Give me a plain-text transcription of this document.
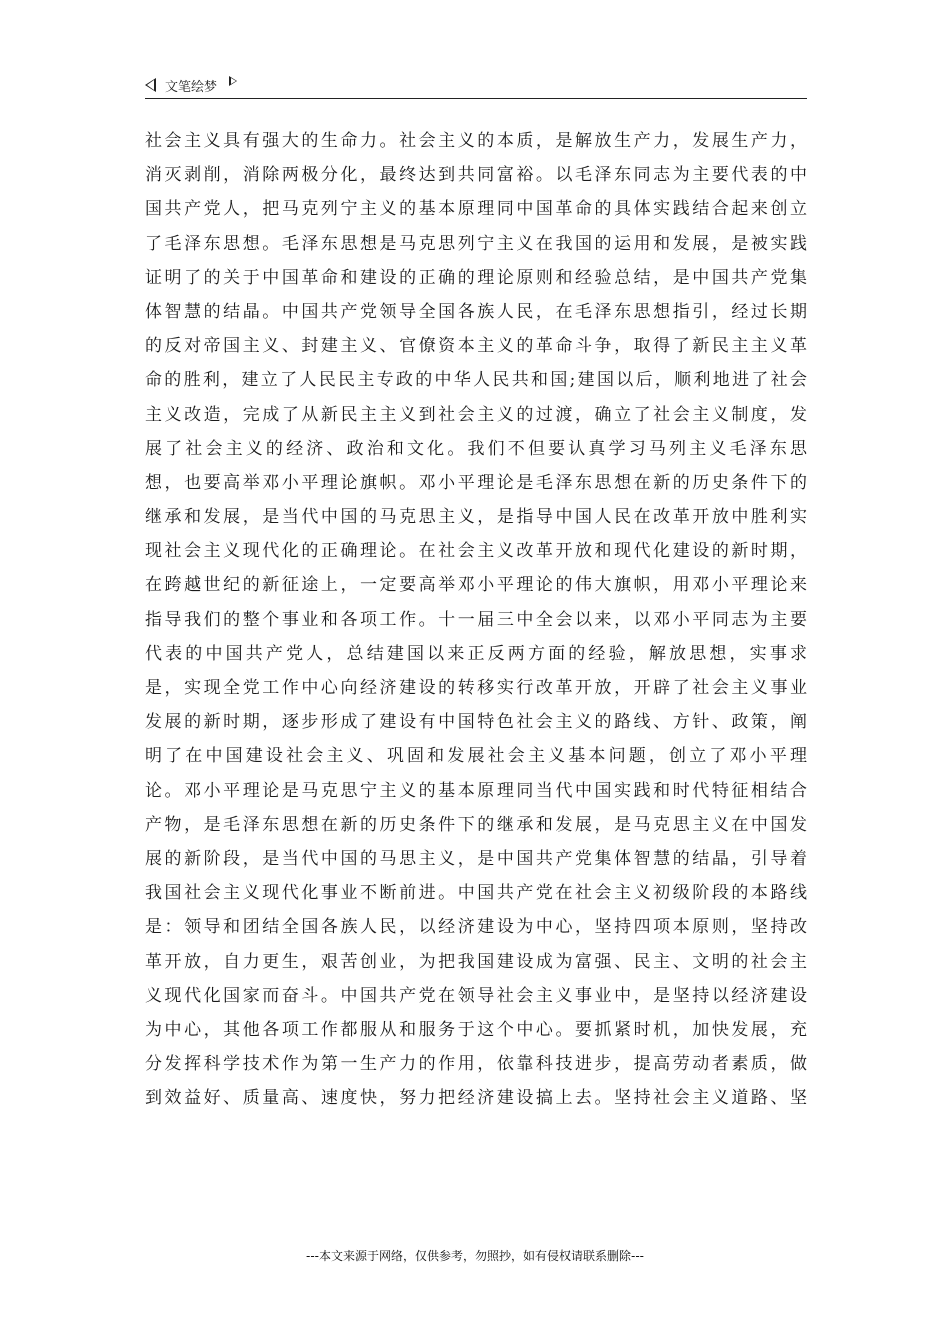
文笔绘梦
社会主义具有强大的生命力。社会主义的本质，是解放生产力，发展生产力，
消灭剥削，消除两极分化，最终达到共同富裕。以毛泽东同志为主要代表的中
国共产党人，把马克列宁主义的基本原理同中国革命的具体实践结合起来创立
了毛泽东思想。毛泽东思想是马克思列宁主义在我国的运用和发展，是被实践
证明了的关于中国革命和建设的正确的理论原则和经验总结，是中国共产党集
体智慧的结晶。中国共产党领导全国各族人民，在毛泽东思想指引，经过长期
的反对帝国主义、封建主义、官僚资本主义的革命斗争，取得了新民主主义革
命的胜利，建立了人民民主专政的中华人民共和国;建国以后，顺利地进了社会
主义改造，完成了从新民主主义到社会主义的过渡，确立了社会主义制度，发
展了社会主义的经济、政治和文化。我们不但要认真学习马列主义毛泽东思
想，也要高举邓小平理论旗帜。邓小平理论是毛泽东思想在新的历史条件下的
继承和发展，是当代中国的马克思主义，是指导中国人民在改革开放中胜利实
现社会主义现代化的正确理论。在社会主义改革开放和现代化建设的新时期，
在跨越世纪的新征途上，一定要高举邓小平理论的伟大旗帜，用邓小平理论来
指导我们的整个事业和各项工作。十一届三中全会以来，以邓小平同志为主要
代表的中国共产党人，总结建国以来正反两方面的经验，解放思想，实事求
是，实现全党工作中心向经济建设的转移实行改革开放，开辟了社会主义事业
发展的新时期，逐步形成了建设有中国特色社会主义的路线、方针、政策，阐
明了在中国建设社会主义、巩固和发展社会主义基本问题，创立了邓小平理
论。邓小平理论是马克思宁主义的基本原理同当代中国实践和时代特征相结合
产物，是毛泽东思想在新的历史条件下的继承和发展，是马克思主义在中国发
展的新阶段，是当代中国的马思主义，是中国共产党集体智慧的结晶，引导着
我国社会主义现代化事业不断前进。中国共产党在社会主义初级阶段的本路线
是：领导和团结全国各族人民，以经济建设为中心，坚持四项本原则，坚持改
革开放，自力更生，艰苦创业，为把我国建设成为富强、民主、文明的社会主
义现代化国家而奋斗。中国共产党在领导社会主义事业中，是坚持以经济建设
为中心，其他各项工作都服从和服务于这个中心。要抓紧时机，加快发展，充
分发挥科学技术作为第一生产力的作用，依靠科技进步，提高劳动者素质，做
到效益好、质量高、速度快，努力把经济建设搞上去。坚持社会主义道路、坚
---本文来源于网络，仅供参考，勿照抄，如有侵权请联系删除---
